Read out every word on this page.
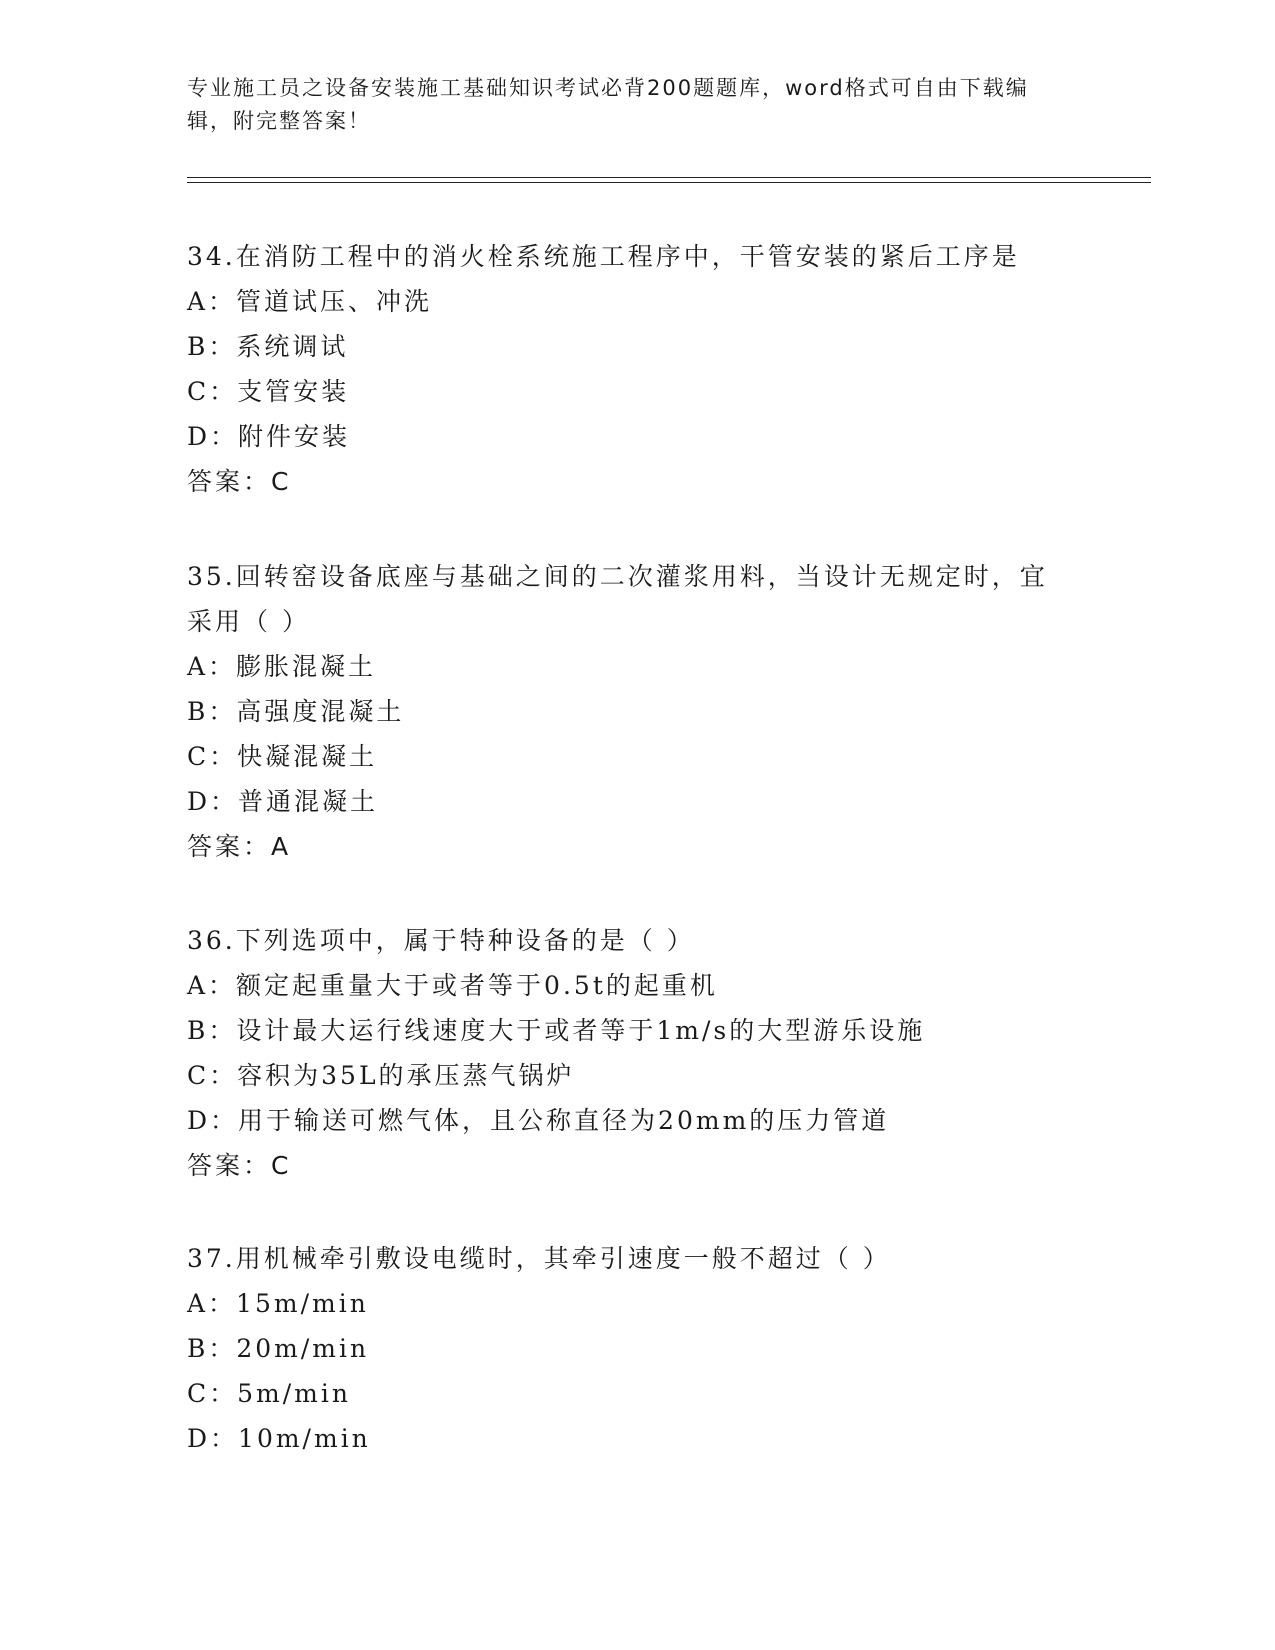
专业施工员之设备安装施工基础知识考试必背200题题库，word格式可自由下载编辑，附完整答案！
34.在消防工程中的消火栓系统施工程序中，干管安装的紧后工序是
A：管道试压、冲洗
B：系统调试
C：支管安装
D：附件安装
答案：C
35.回转窑设备底座与基础之间的二次灌浆用料，当设计无规定时，宜采用（ ）
A：膨胀混凝土
B：高强度混凝土
C：快凝混凝土
D：普通混凝土
答案：A
36.下列选项中，属于特种设备的是（ ）
A：额定起重量大于或者等于0.5t的起重机
B：设计最大运行线速度大于或者等于1m/s的大型游乐设施
C：容积为35L的承压蒸气锅炉
D：用于输送可燃气体，且公称直径为20mm的压力管道
答案：C
37.用机械牵引敷设电缆时，其牵引速度一般不超过（ ）
A：15m/min
B：20m/min
C：5m/min
D：10m/min
